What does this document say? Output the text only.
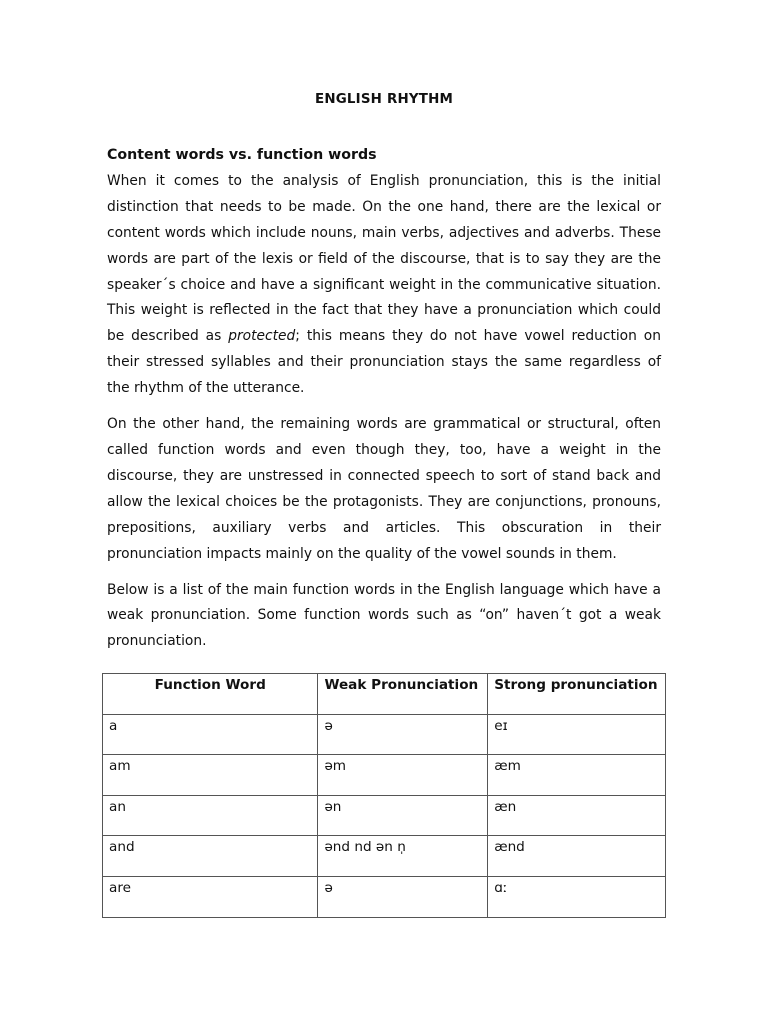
ENGLISH RHYTHM

Content words vs. function words

When it comes to the analysis of English pronunciation, this is the initial distinction that needs to be made. On the one hand, there are the lexical or content words which include nouns, main verbs, adjectives and adverbs. These words are part of the lexis or field of the discourse, that is to say they are the speaker´s choice and have a significant weight in the communicative situation. This weight is reflected in the fact that they have a pronunciation which could be described as protected; this means they do not have vowel reduction on their stressed syllables and their pronunciation stays the same regardless of the rhythm of the utterance.

On the other hand, the remaining words are grammatical or structural, often called function words and even though they, too, have a weight in the discourse, they are unstressed in connected speech to sort of stand back and allow the lexical choices be the protagonists. They are conjunctions, pronouns, prepositions, auxiliary verbs and articles. This obscuration in their pronunciation impacts mainly on the quality of the vowel sounds in them.

Below is a list of the main function words in the English language which have a weak pronunciation. Some function words such as “on” haven´t got a weak pronunciation.

Function Word	Weak Pronunciation	Strong pronunciation
a	ə	eɪ
am	əm	æm
an	ən	æn
and	ənd nd ən n̩	ænd
are	ə	ɑː
